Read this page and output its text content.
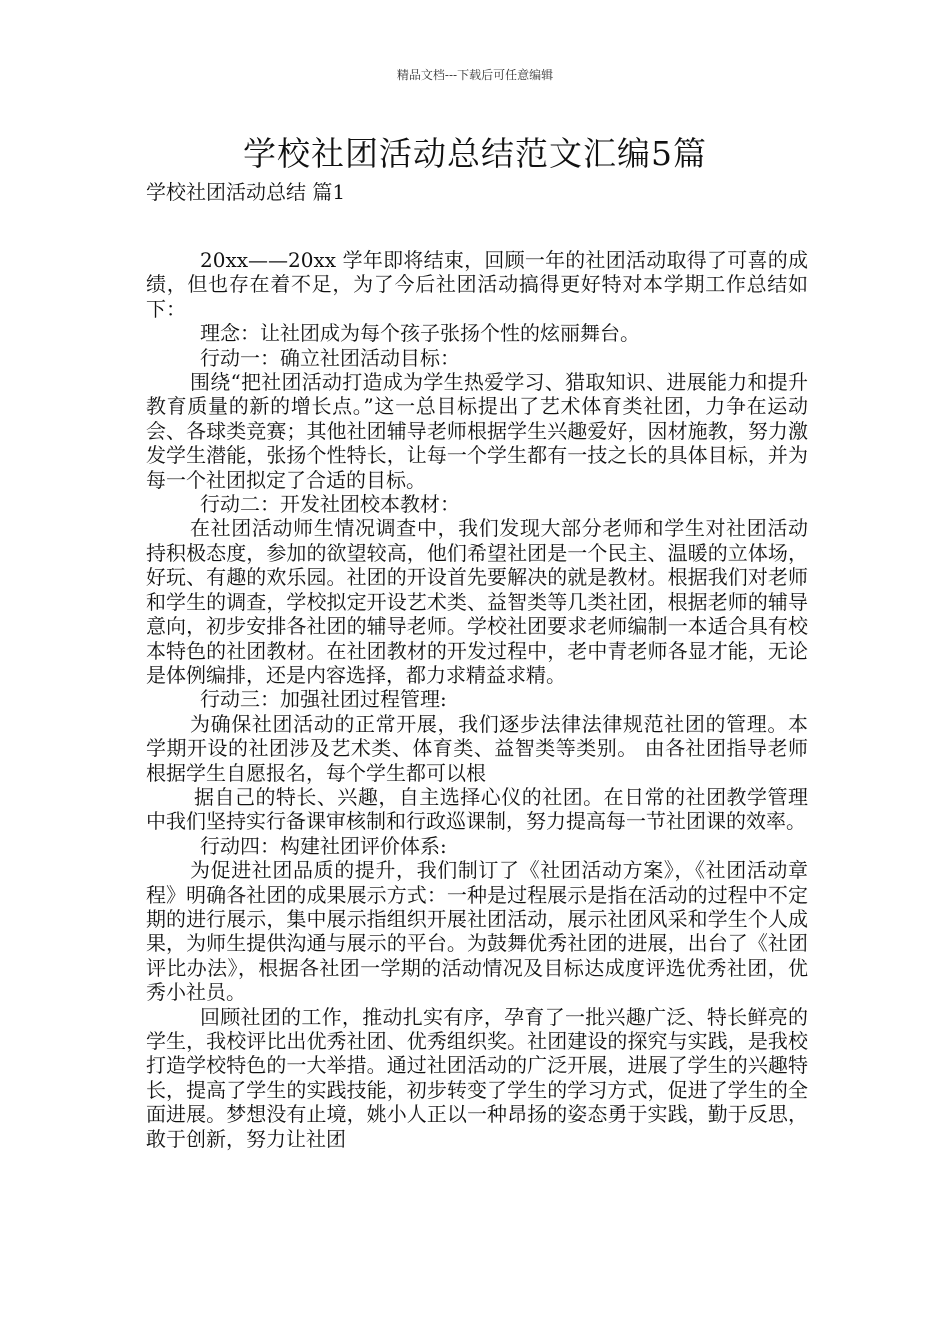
精品文档---下载后可任意编辑
学校社团活动总结范文汇编5篇
学校社团活动总结 篇1

20xx——20xx 学年即将结束，回顾一年的社团活动取得了可喜的成绩，但也存在着不足，为了今后社团活动搞得更好特对本学期工作总结如下：

理念：让社团成为每个孩子张扬个性的炫丽舞台。

行动一：确立社团活动目标：

围绕“把社团活动打造成为学生热爱学习、猎取知识、进展能力和提升教育质量的新的增长点。”这一总目标提出了艺术体育类社团，力争在运动会、各球类竞赛；其他社团辅导老师根据学生兴趣爱好，因材施教，努力激发学生潜能，张扬个性特长，让每一个学生都有一技之长的具体目标，并为每一个社团拟定了合适的目标。

行动二：开发社团校本教材：

在社团活动师生情况调查中，我们发现大部分老师和学生对社团活动持积极态度，参加的欲望较高，他们希望社团是一个民主、温暖的立体场，好玩、有趣的欢乐园。社团的开设首先要解决的就是教材。根据我们对老师和学生的调查，学校拟定开设艺术类、益智类等几类社团，根据老师的辅导意向，初步安排各社团的辅导老师。学校社团要求老师编制一本适合具有校本特色的社团教材。在社团教材的开发过程中，老中青老师各显才能，无论是体例编排，还是内容选择，都力求精益求精。

行动三：加强社团过程管理:

为确保社团活动的正常开展，我们逐步法律法律规范社团的管理。本学期开设的社团涉及艺术类、体育类、益智类等类别。 由各社团指导老师根据学生自愿报名，每个学生都可以根

据自己的特长、兴趣，自主选择心仪的社团。在日常的社团教学管理中我们坚持实行备课审核制和行政巡课制，努力提高每一节社团课的效率。

行动四：构建社团评价体系:

为促进社团品质的提升，我们制订了《社团活动方案》，《社团活动章程》明确各社团的成果展示方式：一种是过程展示是指在活动的过程中不定期的进行展示，集中展示指组织开展社团活动，展示社团风采和学生个人成果，为师生提供沟通与展示的平台。为鼓舞优秀社团的进展，出台了《社团评比办法》，根据各社团一学期的活动情况及目标达成度评选优秀社团，优秀小社员。

回顾社团的工作，推动扎实有序，孕育了一批兴趣广泛、特长鲜亮的学生，我校评比出优秀社团、优秀组织奖。社团建设的探究与实践，是我校打造学校特色的一大举措。通过社团活动的广泛开展，进展了学生的兴趣特长，提高了学生的实践技能，初步转变了学生的学习方式，促进了学生的全面进展。梦想没有止境，姚小人正以一种昂扬的姿态勇于实践，勤于反思，敢于创新，努力让社团
